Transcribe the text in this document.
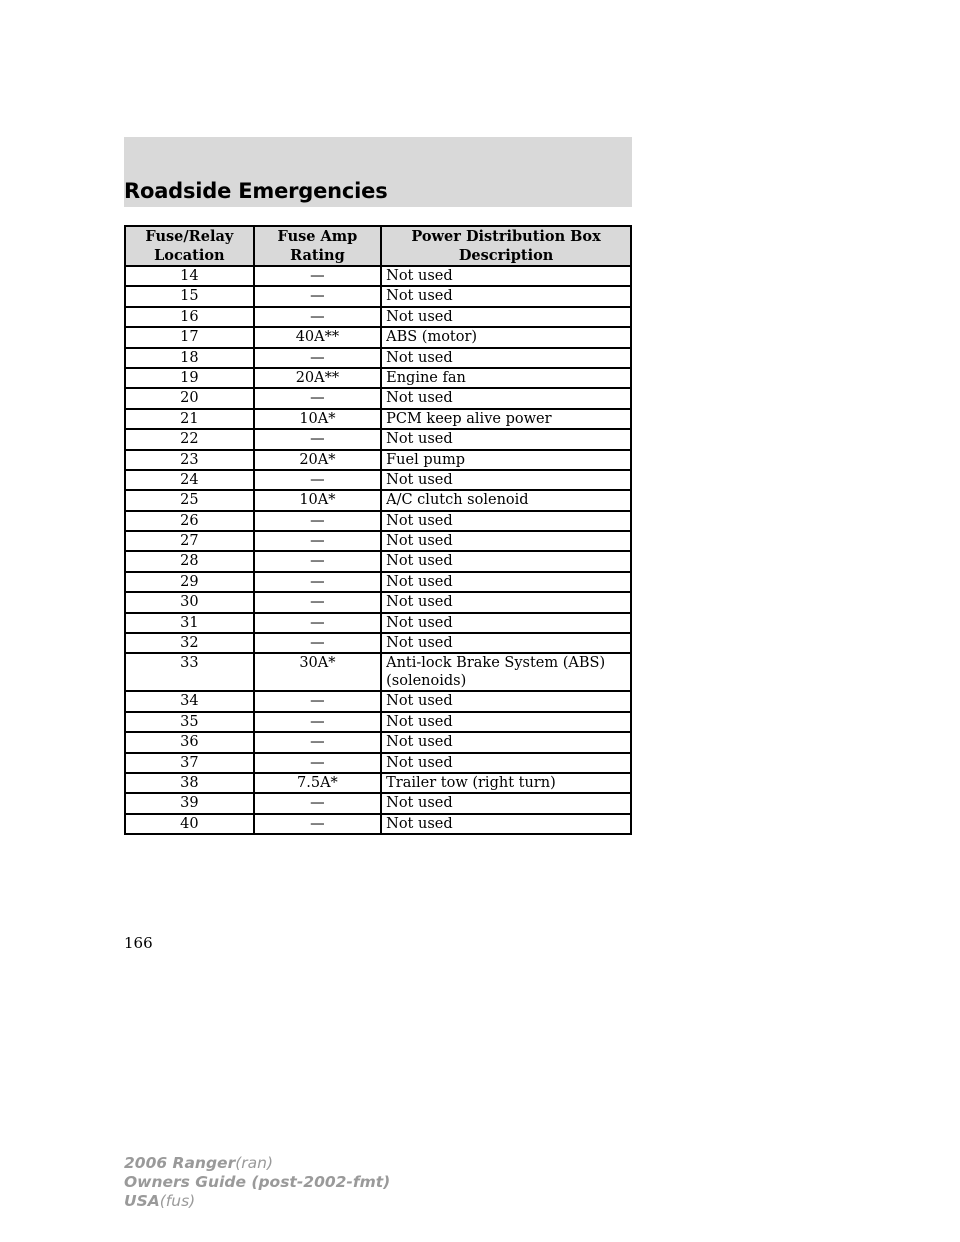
Roadside Emergencies
Fuse/Relay Location	Fuse Amp Rating	Power Distribution Box Description
14	—	Not used
15	—	Not used
16	—	Not used
17	40A**	ABS (motor)
18	—	Not used
19	20A**	Engine fan
20	—	Not used
21	10A*	PCM keep alive power
22	—	Not used
23	20A*	Fuel pump
24	—	Not used
25	10A*	A/C clutch solenoid
26	—	Not used
27	—	Not used
28	—	Not used
29	—	Not used
30	—	Not used
31	—	Not used
32	—	Not used
33	30A*	Anti-lock Brake System (ABS) (solenoids)
34	—	Not used
35	—	Not used
36	—	Not used
37	—	Not used
38	7.5A*	Trailer tow (right turn)
39	—	Not used
40	—	Not used

166

2006 Ranger(ran)
Owners Guide (post-2002-fmt)
USA(fus)
